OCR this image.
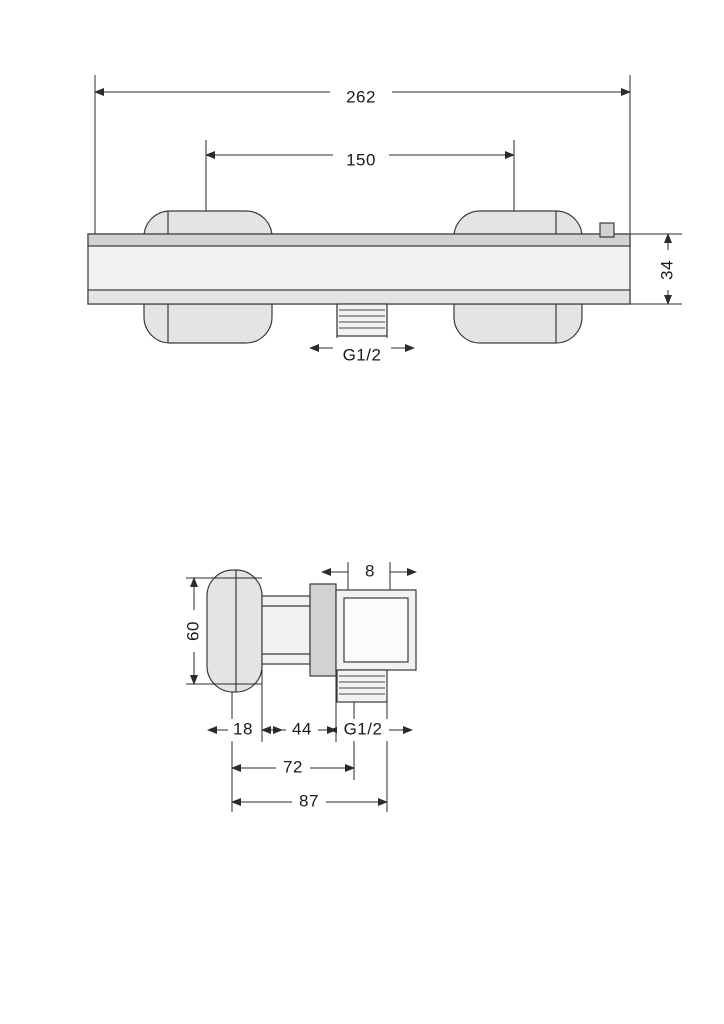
262
150
G1/2
34
8
60
18 44 G1/2
72
87
